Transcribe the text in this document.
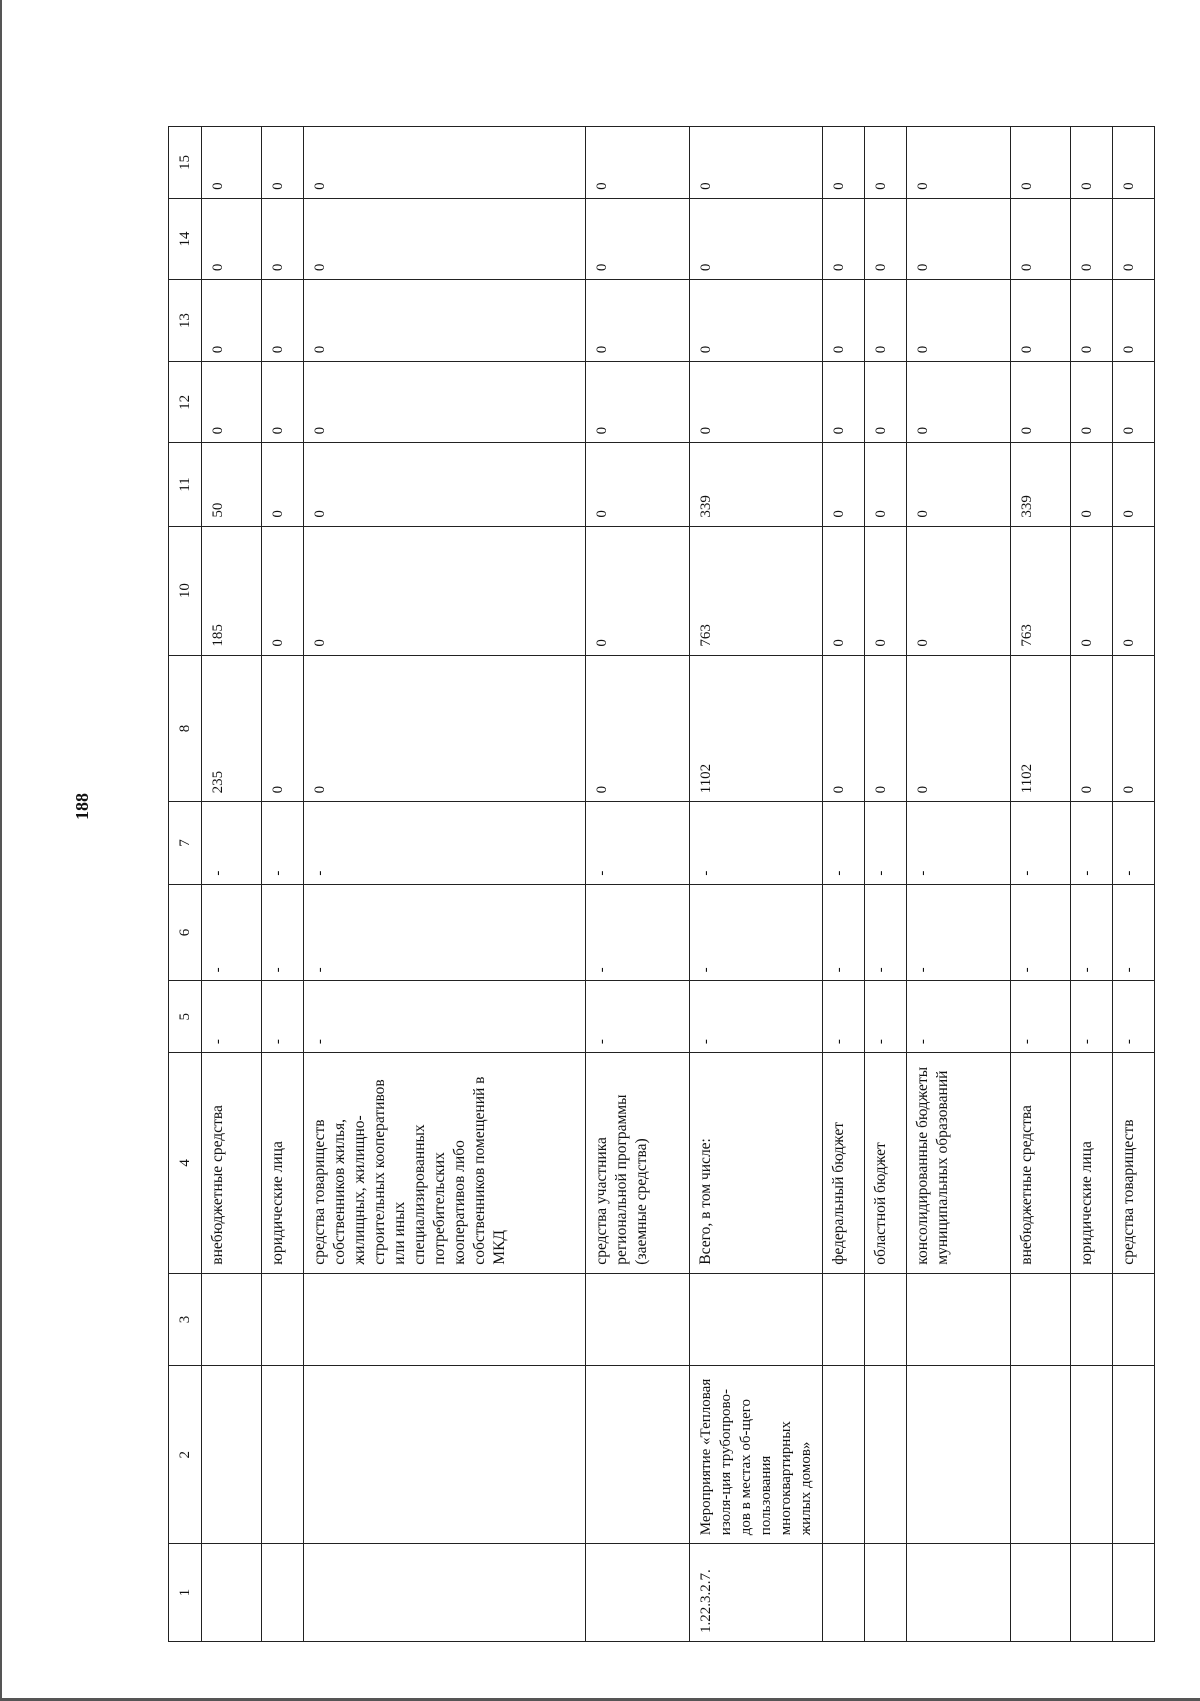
188
1	2	3	4	5	6	7	8	10	11	12	13	14	15
			внебюджетные средства	-	-	-	235	185	50	0	0	0	0
			юридические лица	-	-	-	0	0	0	0	0	0	0
			средства товариществ собственников жилья, жилищных, жилищно-строительных кооперативов или иных специализированных потребительских кооперативов либо собственников помещений в МКД	-	-	-	0	0	0	0	0	0	0
			средства участника региональной программы (заемные средства)	-	-	-	0	0	0	0	0	0	0
1.22.3.2.7.	Мероприятие «Тепловая изоля-ция трубопрово-дов в местах об-щего пользования многоквартирных жилых домов»		Всего, в том числе:	-	-	-	1102	763	339	0	0	0	0
			федеральный бюджет	-	-	-	0	0	0	0	0	0	0
			областной бюджет	-	-	-	0	0	0	0	0	0	0
			консолидированные бюджеты муниципальных образований	-	-	-	0	0	0	0	0	0	0
			внебюджетные средства	-	-	-	1102	763	339	0	0	0	0
			юридические лица	-	-	-	0	0	0	0	0	0	0
			средства товариществ	-	-	-	0	0	0	0	0	0	0
